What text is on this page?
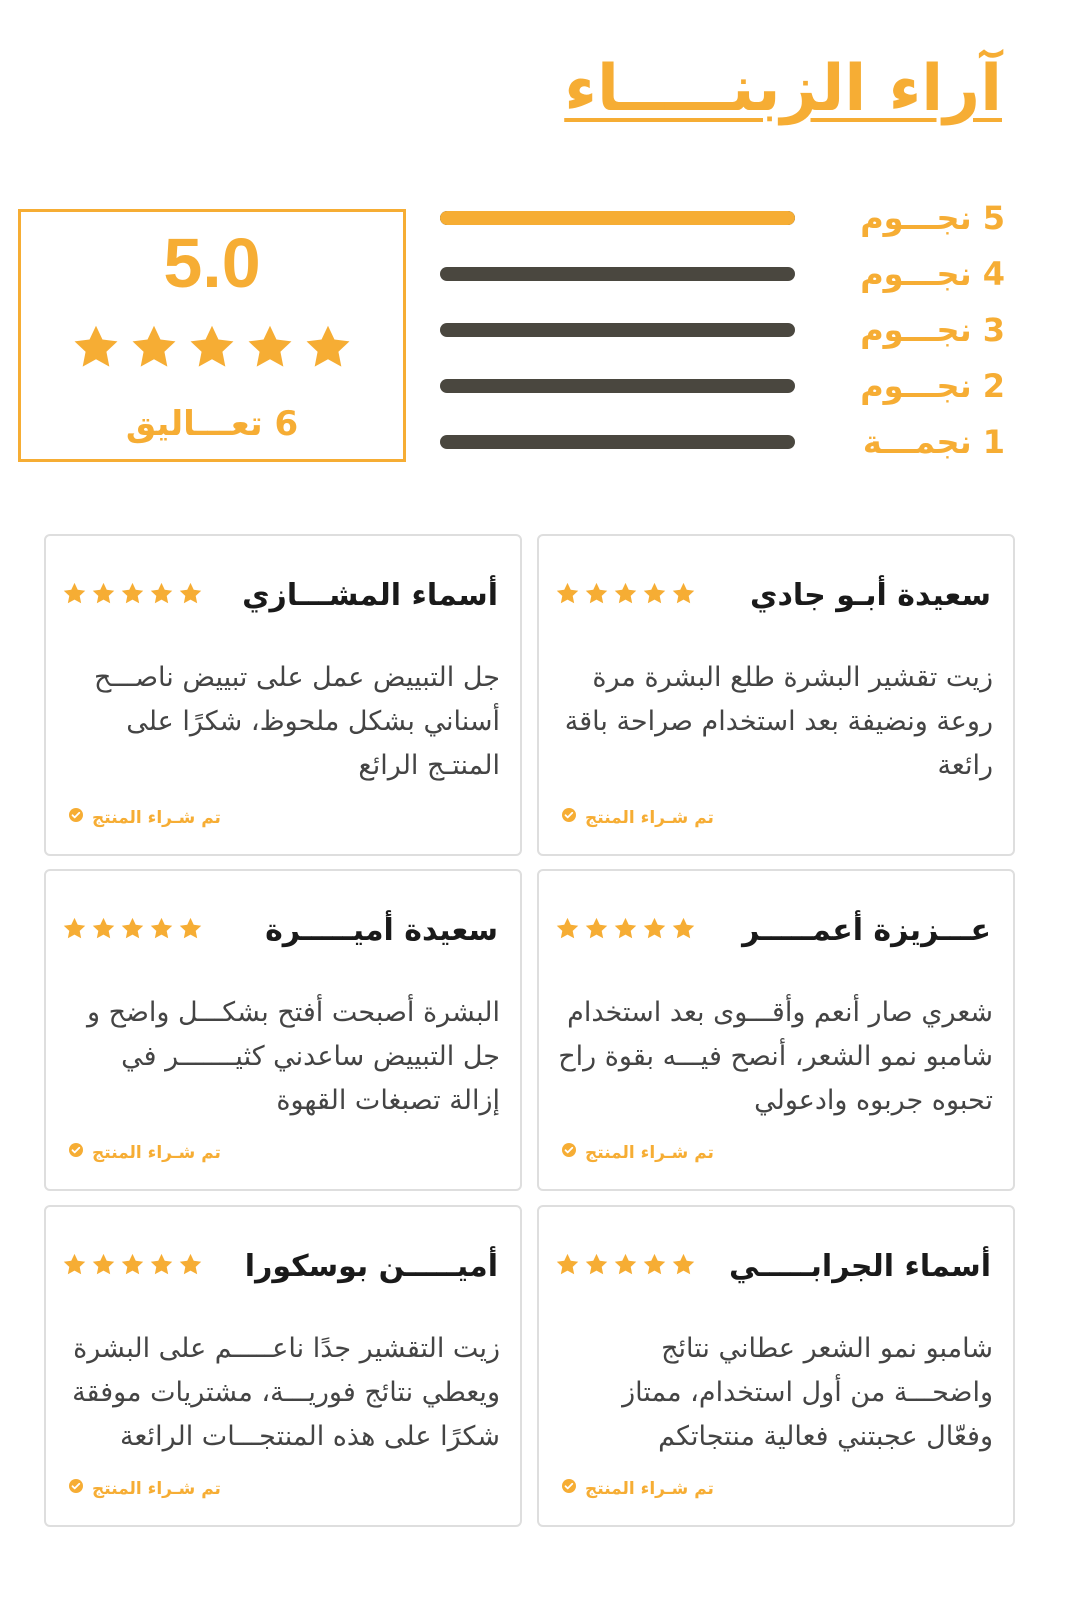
آراء الزبنـــــاء
5.0
6 تعـــاليق
5 نجـــوم
4 نجـــوم
3 نجـــوم
2 نجـــوم
1 نجمـــة
سعيدة أبـو جادي
زيت تقشير البشرة طلع البشرة مرة روعة ونضيفة بعد استخدام صراحة باقة رائعة
تم شـراء المنتج
أسماء المشـــازي
جل التبييض عمل على تبييض ناصـــح أسناني بشكل ملحوظ، شكرًا على المنتـج الرائع
تم شـراء المنتج
عـــزيزة أعمـــــر
شعري صار أنعم وأقـــوى بعد استخدام شامبو نمو الشعر، أنصح فيـــه بقوة راح تحبوه جربوه وادعولي
تم شـراء المنتج
سعيدة أميـــــرة
البشرة أصبحت أفتح بشكـــل واضح و جل التبييض ساعدني كثيـــــــر في إزالة تصبغات القهوة
تم شـراء المنتج
أسماء الجرابـــــي
شامبو نمو الشعر عطاني نتائج واضحـــة من أول استخدام، ممتاز وفعّال عجبتني فعالية منتجاتكم
تم شـراء المنتج
أميـــــن بوسكورا
زيت التقشير جدًا ناعـــــم على البشرة ويعطي نتائج فوريـــة، مشتريات موفقة شكرًا على هذه المنتجـــات الرائعة
تم شـراء المنتج
